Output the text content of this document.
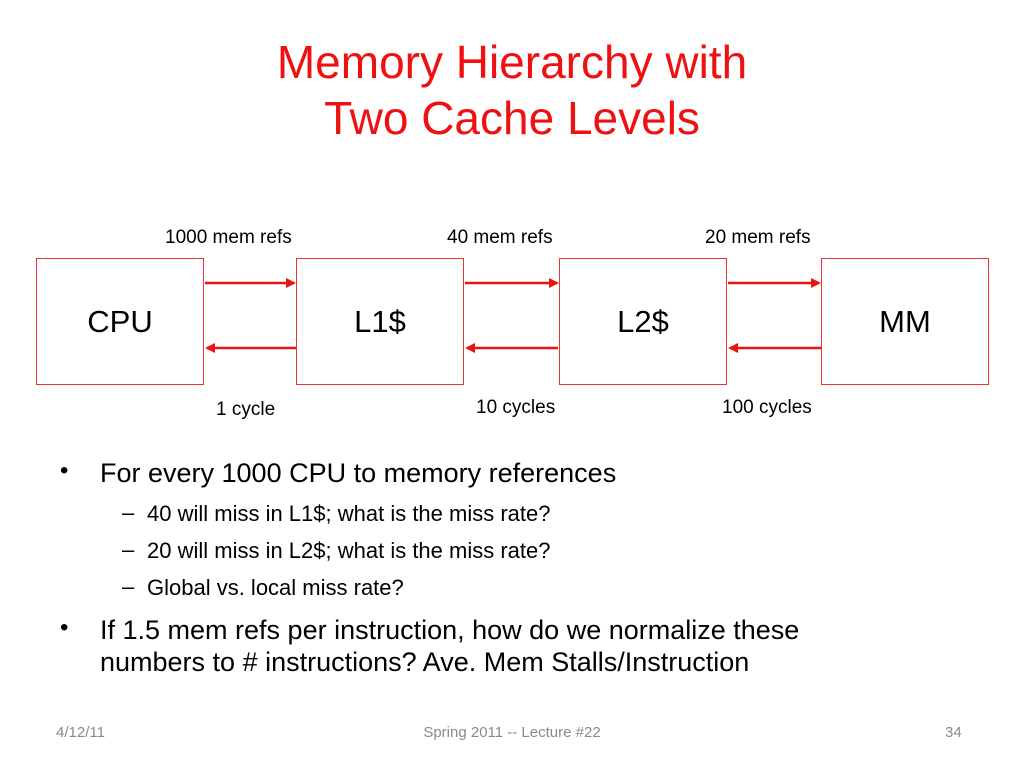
Memory Hierarchy with
Two Cache Levels
1000 mem refs	40 mem refs	20 mem refs
CPU	L1$	L2$	MM
1 cycle	10 cycles	100 cycles
• For every 1000 CPU to memory references
– 40 will miss in L1$; what is the miss rate?
– 20 will miss in L2$; what is the miss rate?
– Global vs. local miss rate?
• If 1.5 mem refs per instruction, how do we normalize these
numbers to # instructions? Ave. Mem Stalls/Instruction
4/12/11	Spring 2011 -- Lecture #22	34
